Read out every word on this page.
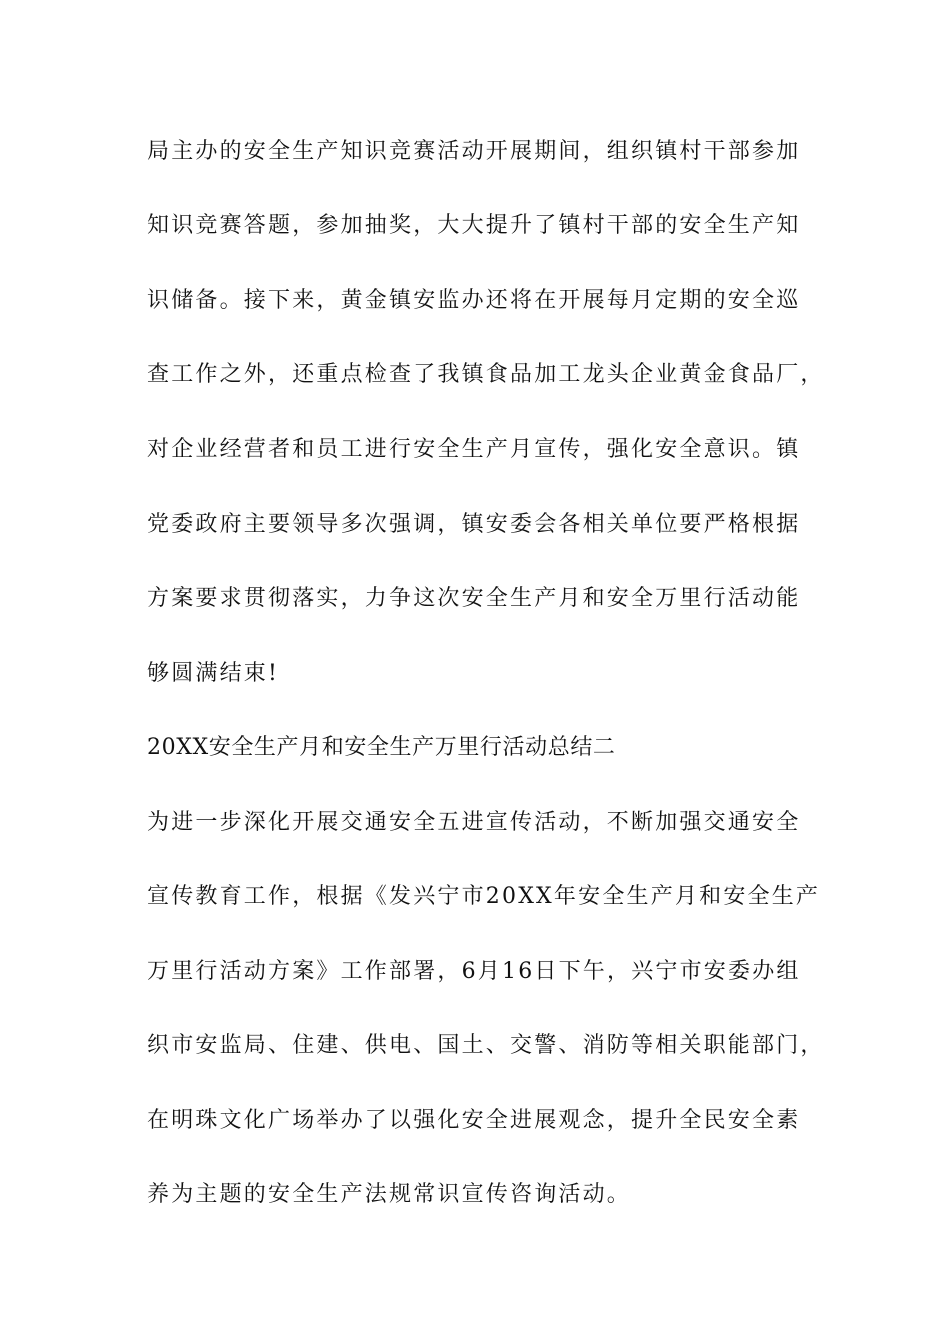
局主办的安全生产知识竞赛活动开展期间，组织镇村干部参加
知识竞赛答题，参加抽奖，大大提升了镇村干部的安全生产知
识储备。接下来，黄金镇安监办还将在开展每月定期的安全巡
查工作之外，还重点检查了我镇食品加工龙头企业黄金食品厂，
对企业经营者和员工进行安全生产月宣传，强化安全意识。镇
党委政府主要领导多次强调，镇安委会各相关单位要严格根据
方案要求贯彻落实，力争这次安全生产月和安全万里行活动能
够圆满结束!
20XX安全生产月和安全生产万里行活动总结二
为进一步深化开展交通安全五进宣传活动，不断加强交通安全
宣传教育工作，根据《发兴宁市20XX年安全生产月和安全生产
万里行活动方案》工作部署，6月16日下午，兴宁市安委办组
织市安监局、住建、供电、国土、交警、消防等相关职能部门，
在明珠文化广场举办了以强化安全进展观念，提升全民安全素
养为主题的安全生产法规常识宣传咨询活动。
